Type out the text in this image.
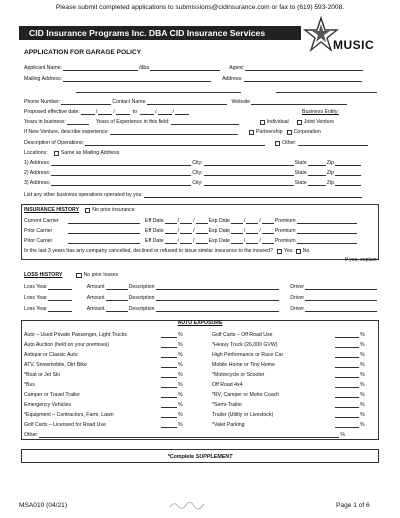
Please submit completed applications to submissions@cidinsurance.com or fax to (619) 593-2008.
CID Insurance Programs Inc. DBA CID Insurance Services
MUSIC
APPLICATION FOR GARAGE POLICY
Applicant Name:	/dba	Agent:
Mailing Address:	Address:
Phone Number:	Contact Name	Website
Proposed effective date:	/	/	to	/	/	Business Entity:
Years in business:	Years of Experience in this field:	Individual	Joint Venture
If New Venture, describe experience:	Partnership Corporation
Description of Operations:	Other:
Locations:	Same as Mailing Address
1) Address:	City:	State	Zip
2) Address:	City:	State	Zip
3) Address:	City:	State	Zip
List any other business operations operated by you:
INSURANCE HISTORY	No prior insurance
Current Carrier	Eff Date	/	/	Exp Date	/	/	Premium
Prior Carrier	Eff Date	/	/	Exp Date	/	/	Premium
Prior Carrier	Eff Date	/	/	Exp Date	/	/	Premium
In the last 3 years has any company cancelled, declined or refused to issue similar insurance to the insured? Yes No
If yes, explain:
LOSS HISTORY	No prior losses
Loss Year	Amount	Description	Driver
Loss Year	Amount	Description	Driver
Loss Year	Amount	Description	Driver
AUTO EXPOSURE
Auto – Used Private Passenger, Light Trucks	%
Auto Auction (held on your premises)	%
Antique or Classic Auto	%
ATV, Snowmobile, Dirt Bike	%
*Boat or Jet Ski	%
*Bus	%
Camper or Travel Trailer	%
Emergency Vehicles	%
*Equipment – Contractors, Farm, Lawn	%
Golf Carts – Licensed for Road Use	%
Golf Carts – Off Road Use	%
*Heavy Truck (26,000 GVW)	%
High Performance or Race Car	%
Mobile Home or Tiny Home	%
*Motorcycle or Scooter	%
Off Road 4x4	%
*RV, Camper or Motor Coach	%
*Semi-Trailer	%
Trailer (Utility or Livestock)	%
*Valet Parking	%
Other:	%
*Complete SUPPLEMENT
MSA010 (04/21)	Page 1 of 6
